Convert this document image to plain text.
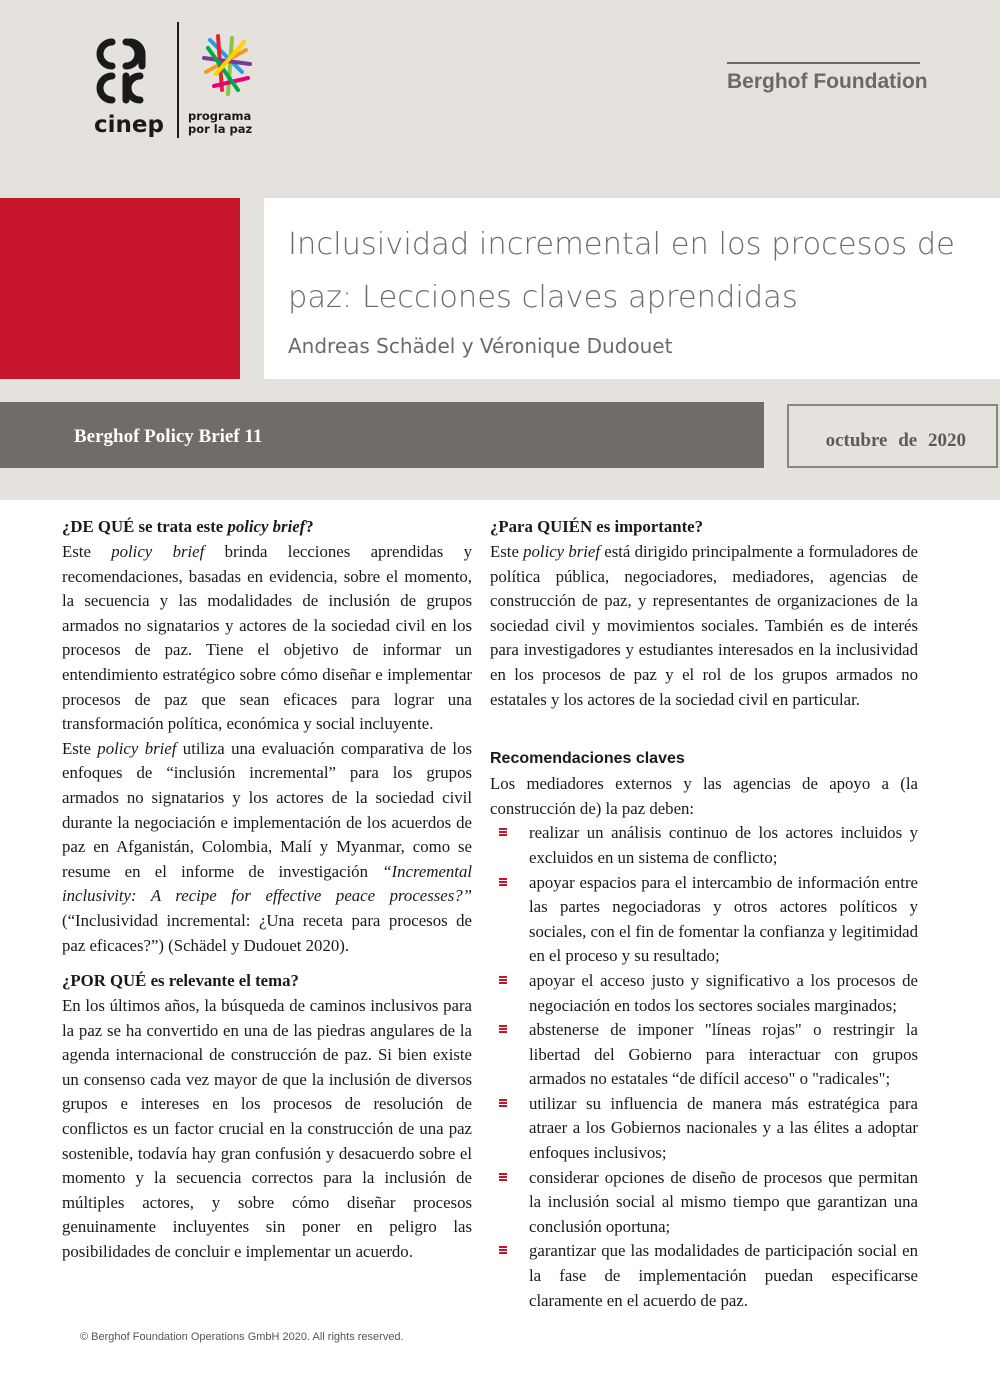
cinep programa
por la paz
Berghof Foundation
Inclusividad incremental en los procesos de paz: Lecciones claves aprendidas
Andreas Schädel y Véronique Dudouet
Berghof Policy Brief 11	octubre de 2020
¿DE QUÉ se trata este policy brief?

Este policy brief brinda lecciones aprendidas y recomendaciones, basadas en evidencia, sobre el momento, la secuencia y las modalidades de inclusión de grupos armados no signatarios y actores de la sociedad civil en los procesos de paz. Tiene el objetivo de informar un entendimiento estratégico sobre cómo diseñar e implementar procesos de paz que sean eficaces para lograr una transformación política, económica y social incluyente.

Este policy brief utiliza una evaluación comparativa de los enfoques de “inclusión incremental” para los grupos armados no signatarios y los actores de la sociedad civil durante la negociación e implementación de los acuerdos de paz en Afganistán, Colombia, Malí y Myanmar, como se resume en el informe de investigación “Incremental inclusivity: A recipe for effective peace processes?” (“Inclusividad incremental: ¿Una receta para procesos de paz eficaces?”) (Schädel y Dudouet 2020).

¿POR QUÉ es relevante el tema?

En los últimos años, la búsqueda de caminos inclusivos para la paz se ha convertido en una de las piedras angulares de la agenda internacional de construcción de paz. Si bien existe un consenso cada vez mayor de que la inclusión de diversos grupos e intereses en los procesos de resolución de conflictos es un factor crucial en la construcción de una paz sostenible, todavía hay gran confusión y desacuerdo sobre el momento y la secuencia correctos para la inclusión de múltiples actores, y sobre cómo diseñar procesos genuinamente incluyentes sin poner en peligro las posibilidades de concluir e implementar un acuerdo.

¿Para QUIÉN es importante?

Este policy brief está dirigido principalmente a formuladores de política pública, negociadores, mediadores, agencias de construcción de paz, y representantes de organizaciones de la sociedad civil y movimientos sociales. También es de interés para investigadores y estudiantes interesados en la inclusividad en los procesos de paz y el rol de los grupos armados no estatales y los actores de la sociedad civil en particular.

Recomendaciones claves

Los mediadores externos y las agencias de apoyo a (la construcción de) la paz deben:

realizar un análisis continuo de los actores incluidos y excluidos en un sistema de conflicto;
apoyar espacios para el intercambio de información entre las partes negociadoras y otros actores políticos y sociales, con el fin de fomentar la confianza y legitimidad en el proceso y su resultado;
apoyar el acceso justo y significativo a los procesos de negociación en todos los sectores sociales marginados;
abstenerse de imponer "líneas rojas" o restringir la libertad del Gobierno para interactuar con grupos armados no estatales “de difícil acceso" o "radicales";
utilizar su influencia de manera más estratégica para atraer a los Gobiernos nacionales y a las élites a adoptar enfoques inclusivos;
considerar opciones de diseño de procesos que permitan la inclusión social al mismo tiempo que garantizan una conclusión oportuna;
garantizar que las modalidades de participación social en la fase de implementación puedan especificarse claramente en el acuerdo de paz.
© Berghof Foundation Operations GmbH 2020. All rights reserved.
